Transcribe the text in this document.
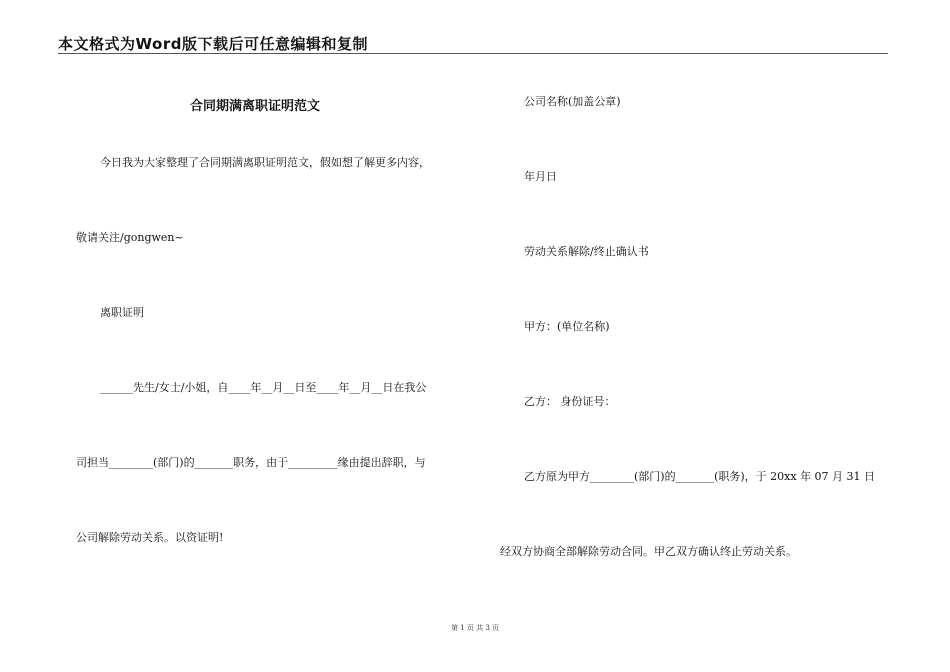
本文格式为Word版下载后可任意编辑和复制
合同期满离职证明范文
今日我为大家整理了合同期满离职证明范文，假如想了解更多内容，
敬请关注/gongwen~
离职证明
______先生/女士/小姐，自____年__月__日至____年__月__日在我公
司担当________(部门)的_______职务，由于_________缘由提出辞职，与
公司解除劳动关系。以资证明!
公司名称(加盖公章)
年月日
劳动关系解除/终止确认书
甲方：(单位名称)
乙方： 身份证号：
乙方原为甲方________(部门)的_______(职务)，于 20xx 年 07 月 31 日
经双方协商全部解除劳动合同。甲乙双方确认终止劳动关系。
第 1 页 共 3 页
